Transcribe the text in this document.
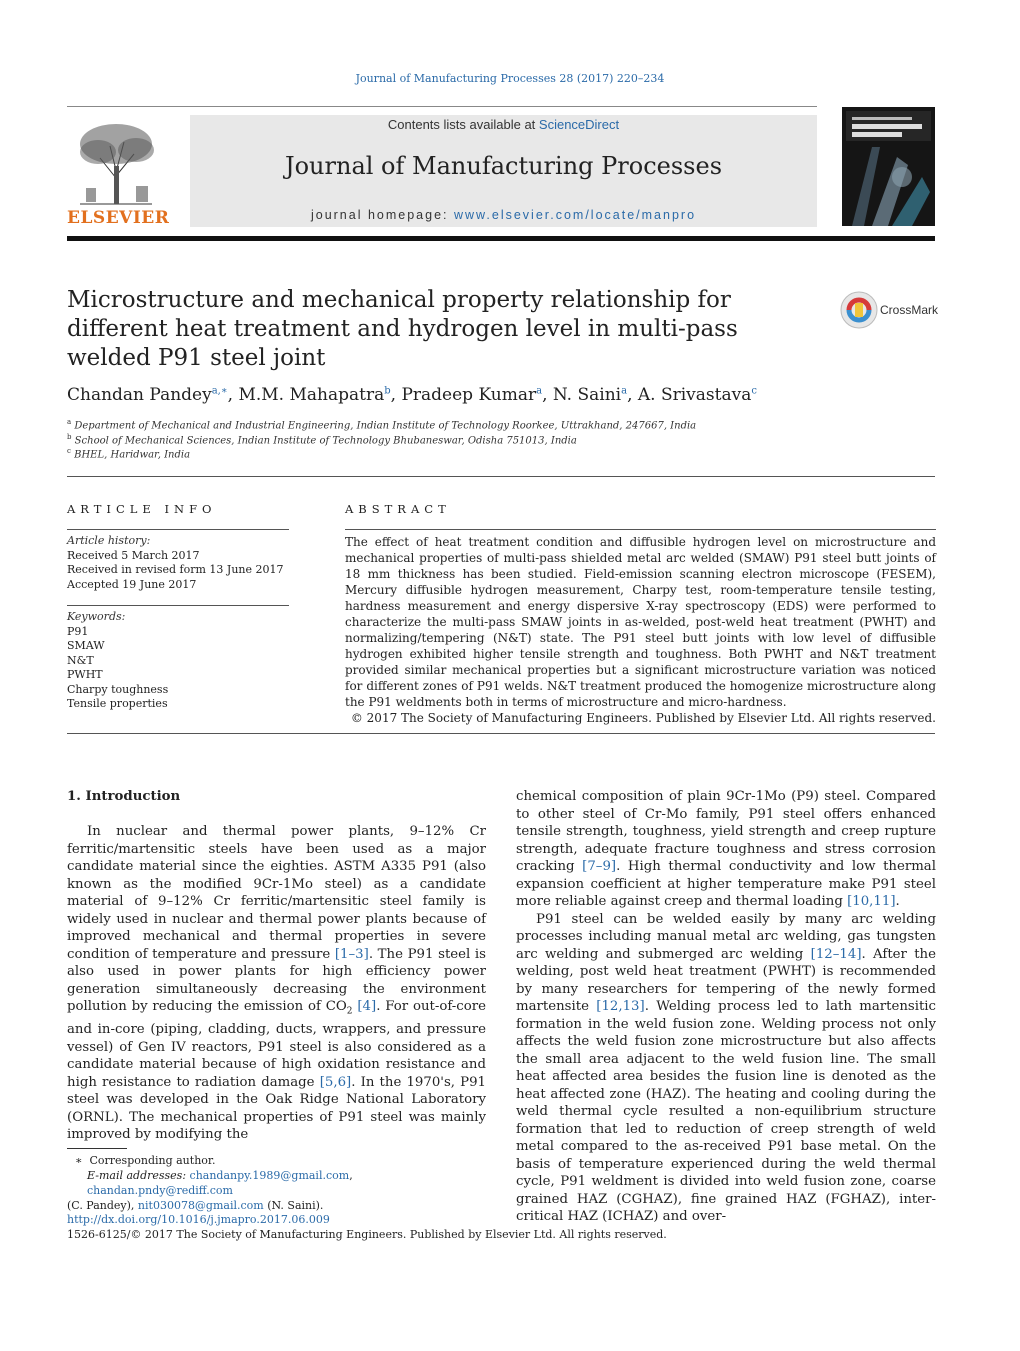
Journal of Manufacturing Processes 28 (2017) 220–234
ELSEVIER
Contents lists available at ScienceDirect
Journal of Manufacturing Processes
journal homepage: www.elsevier.com/locate/manpro
Microstructure and mechanical property relationship for different heat treatment and hydrogen level in multi-pass welded P91 steel joint
CrossMark
Chandan Pandey$^{a,∗}$, M.M. Mahapatra$^b$, Pradeep Kumar$^a$, N. Saini$^a$, A. Srivastava$^c$
$^a$ Department of Mechanical and Industrial Engineering, Indian Institute of Technology Roorkee, Uttrakhand, 247667, India
$^b$ School of Mechanical Sciences, Indian Institute of Technology Bhubaneswar, Odisha 751013, India
$^c$ BHEL, Haridwar, India
ARTICLE INFO
Article history:
Received 5 March 2017
Received in revised form 13 June 2017
Accepted 19 June 2017
Keywords:
P91
SMAW
N&T
PWHT
Charpy toughness
Tensile properties
ABSTRACT
The effect of heat treatment condition and diffusible hydrogen level on microstructure and mechanical properties of multi-pass shielded metal arc welded (SMAW) P91 steel butt joints of 18 mm thickness has been studied. Field-emission scanning electron microscope (FESEM), Mercury diffusible hydrogen measurement, Charpy test, room-temperature tensile testing, hardness measurement and energy dispersive X-ray spectroscopy (EDS) were performed to characterize the multi-pass SMAW joints in as-welded, post-weld heat treatment (PWHT) and normalizing/tempering (N&T) state. The P91 steel butt joints with low level of diffusible hydrogen exhibited higher tensile strength and toughness. Both PWHT and N&T treatment provided similar mechanical properties but a significant microstructure variation was noticed for different zones of P91 welds. N&T treatment produced the homogenize microstructure along the P91 weldments both in terms of microstructure and micro-hardness.
© 2017 The Society of Manufacturing Engineers. Published by Elsevier Ltd. All rights reserved.
1. Introduction
In nuclear and thermal power plants, 9–12% Cr ferritic/martensitic steels have been used as a major candidate material since the eighties. ASTM A335 P91 (also known as the modified 9Cr-1Mo steel) as a candidate material of 9–12% Cr ferritic/martensitic steel family is widely used in nuclear and thermal power plants because of improved mechanical and thermal properties in severe condition of temperature and pressure [1–3]. The P91 steel is also used in power plants for high efficiency power generation simultaneously decreasing the environment pollution by reducing the emission of $CO_2$ [4]. For out-of-core and in-core (piping, cladding, ducts, wrappers, and pressure vessel) of Gen IV reactors, P91 steel is also considered as a candidate material because of high oxidation resistance and high resistance to radiation damage [5,6]. In the 1970's, P91 steel was developed in the Oak Ridge National Laboratory (ORNL). The mechanical properties of P91 steel was mainly improved by modifying the

chemical composition of plain 9Cr-1Mo (P9) steel. Compared to other steel of Cr-Mo family, P91 steel offers enhanced tensile strength, toughness, yield strength and creep rupture strength, adequate fracture toughness and stress corrosion cracking [7–9]. High thermal conductivity and low thermal expansion coefficient at higher temperature make P91 steel more reliable against creep and thermal loading [10,11].

P91 steel can be welded easily by many arc welding processes including manual metal arc welding, gas tungsten arc welding and submerged arc welding [12–14]. After the welding, post weld heat treatment (PWHT) is recommended by many researchers for tempering of the newly formed martensite [12,13]. Welding process led to lath martensitic formation in the weld fusion zone. Welding process not only affects the weld fusion zone microstructure but also affects the small area adjacent to the weld fusion line. The small heat affected area besides the fusion line is denoted as the heat affected zone (HAZ). The heating and cooling during the weld thermal cycle resulted a non-equilibrium structure formation that led to reduction of creep strength of weld metal compared to the as-received P91 base metal. On the basis of temperature experienced during the weld thermal cycle, P91 weldment is divided into weld fusion zone, coarse grained HAZ (CGHAZ), fine grained HAZ (FGHAZ), inter-critical HAZ (ICHAZ) and over-

∗ Corresponding author.
E-mail addresses: chandanpy.1989@gmail.com, chandan.pndy@rediff.com
(C. Pandey), nit030078@gmail.com (N. Saini).
http://dx.doi.org/10.1016/j.jmapro.2017.06.009
1526-6125/© 2017 The Society of Manufacturing Engineers. Published by Elsevier Ltd. All rights reserved.
